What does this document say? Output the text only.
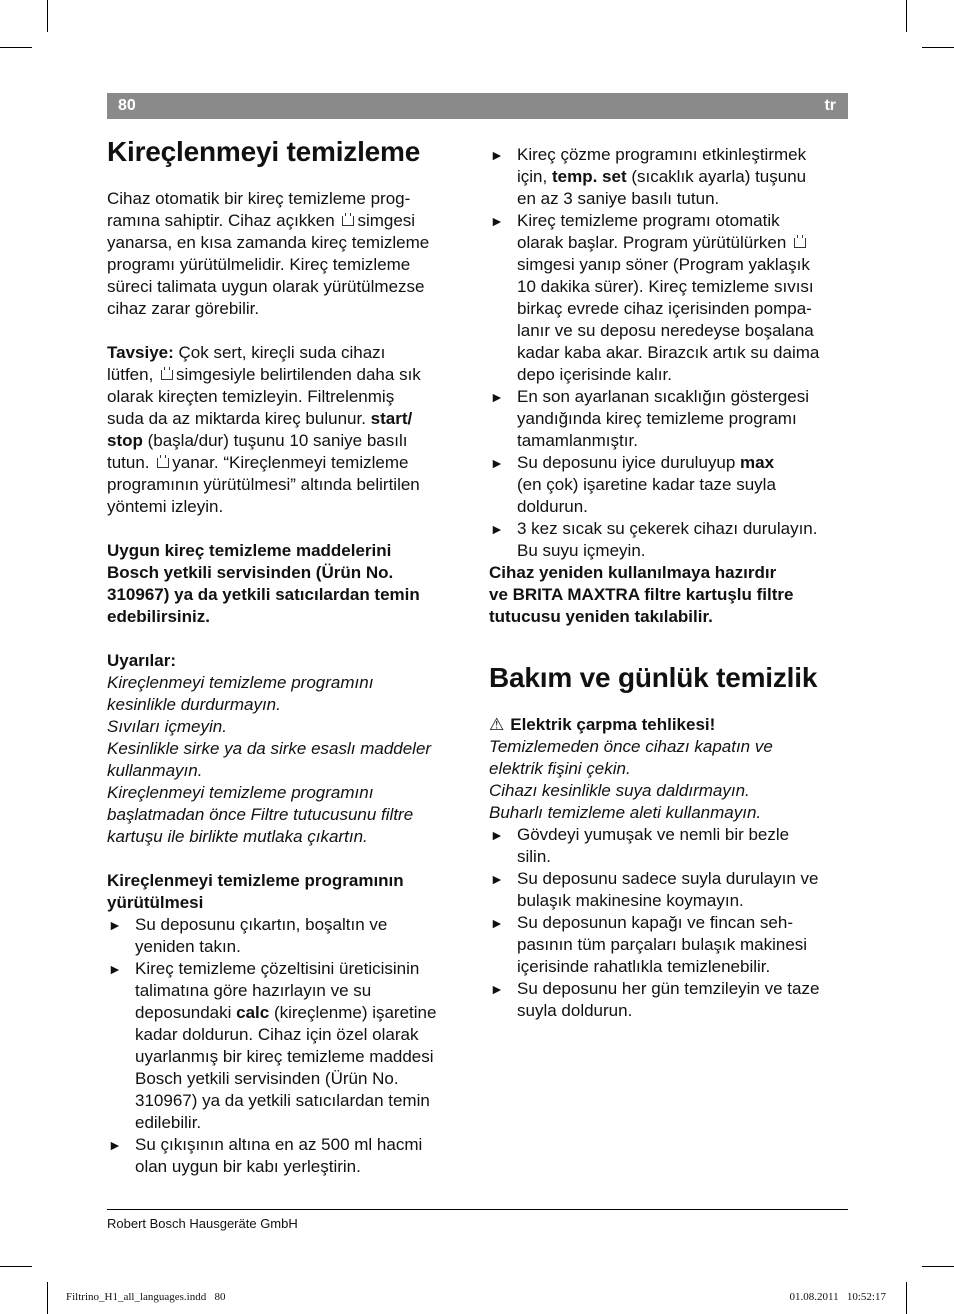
80	tr
Kireçlenmeyi temizleme

Cihaz otomatik bir kireç temizleme prog-

ramına sahiptir. Cihaz açıkken simgesi

yanarsa, en kısa zamanda kireç temizleme

programı yürütülmelidir. Kireç temizleme

süreci talimata uygun olarak yürütülmezse

cihaz zarar görebilir.

Tavsiye: Çok sert, kireçli suda cihazı

lütfen, simgesiyle belirtilenden daha sık

olarak kireçten temizleyin. Filtrelenmiş

suda da az miktarda kireç bulunur. start/

stop (başla/dur) tuşunu 10 saniye basılı

tutun. yanar. “Kireçlenmeyi temizleme

programının yürütülmesi” altında belirtilen

yöntemi izleyin.

Uygun kireç temizleme maddelerini

Bosch yetkili servisinden (Ürün No.

310967) ya da yetkili satıcılardan temin

edebilirsiniz.

Uyarılar:

Kireçlenmeyi temizleme programını

kesinlikle durdurmayın.

Sıvıları içmeyin.

Kesinlikle sirke ya da sirke esaslı maddeler

kullanmayın.

Kireçlenmeyi temizleme programını

başlatmadan önce Filtre tutucusunu filtre

kartuşu ile birlikte mutlaka çıkartın.

Kireçlenmeyi temizleme programının

yürütülmesi

► Su deposunu çıkartın, boşaltın ve
yeniden takın.
► Kireç temizleme çözeltisini üreticisinin
talimatına göre hazırlayın ve su
deposundaki calc (kireçlenme) işaretine
kadar doldurun. Cihaz için özel olarak
uyarlanmış bir kireç temizleme maddesi
Bosch yetkili servisinden (Ürün No.
310967) ya da yetkili satıcılardan temin
edilebilir.
► Su çıkışının altına en az 500 ml hacmi
olan uygun bir kabı yerleştirin.
► Kireç çözme programını etkinleştirmek
için, temp. set (sıcaklık ayarla) tuşunu
en az 3 saniye basılı tutun.
► Kireç temizleme programı otomatik
olarak başlar. Program yürütülürken
simgesi yanıp söner (Program yaklaşık
10 dakika sürer). Kireç temizleme sıvısı
birkaç evrede cihaz içerisinden pompa-
lanır ve su deposu neredeyse boşalana
kadar kaba akar. Birazcık artık su daima
depo içerisinde kalır.
► En son ayarlanan sıcaklığın göstergesi
yandığında kireç temizleme programı
tamamlanmıştır.
► Su deposunu iyice duruluyup max
(en çok) işaretine kadar taze suyla
doldurun.
► 3 kez sıcak su çekerek cihazı durulayın.
Bu suyu içmeyin.

Cihaz yeniden kullanılmaya hazırdır

ve BRITA MAXTRA filtre kartuşlu filtre

tutucusu yeniden takılabilir.

Bakım ve günlük temizlik

⚠ Elektrik çarpma tehlikesi!

Temizlemeden önce cihazı kapatın ve

elektrik fişini çekin.

Cihazı kesinlikle suya daldırmayın.

Buharlı temizleme aleti kullanmayın.

► Gövdeyi yumuşak ve nemli bir bezle
silin.
► Su deposunu sadece suyla durulayın ve
bulaşık makinesine koymayın.
► Su deposunun kapağı ve fincan seh-
pasının tüm parçaları bulaşık makinesi
içerisinde rahatlıkla temizlenebilir.
► Su deposunu her gün temzileyin ve taze
suyla doldurun.
Robert Bosch Hausgeräte GmbH
Filtrino_H1_all_languages.indd   80	01.08.2011   10:52:17
